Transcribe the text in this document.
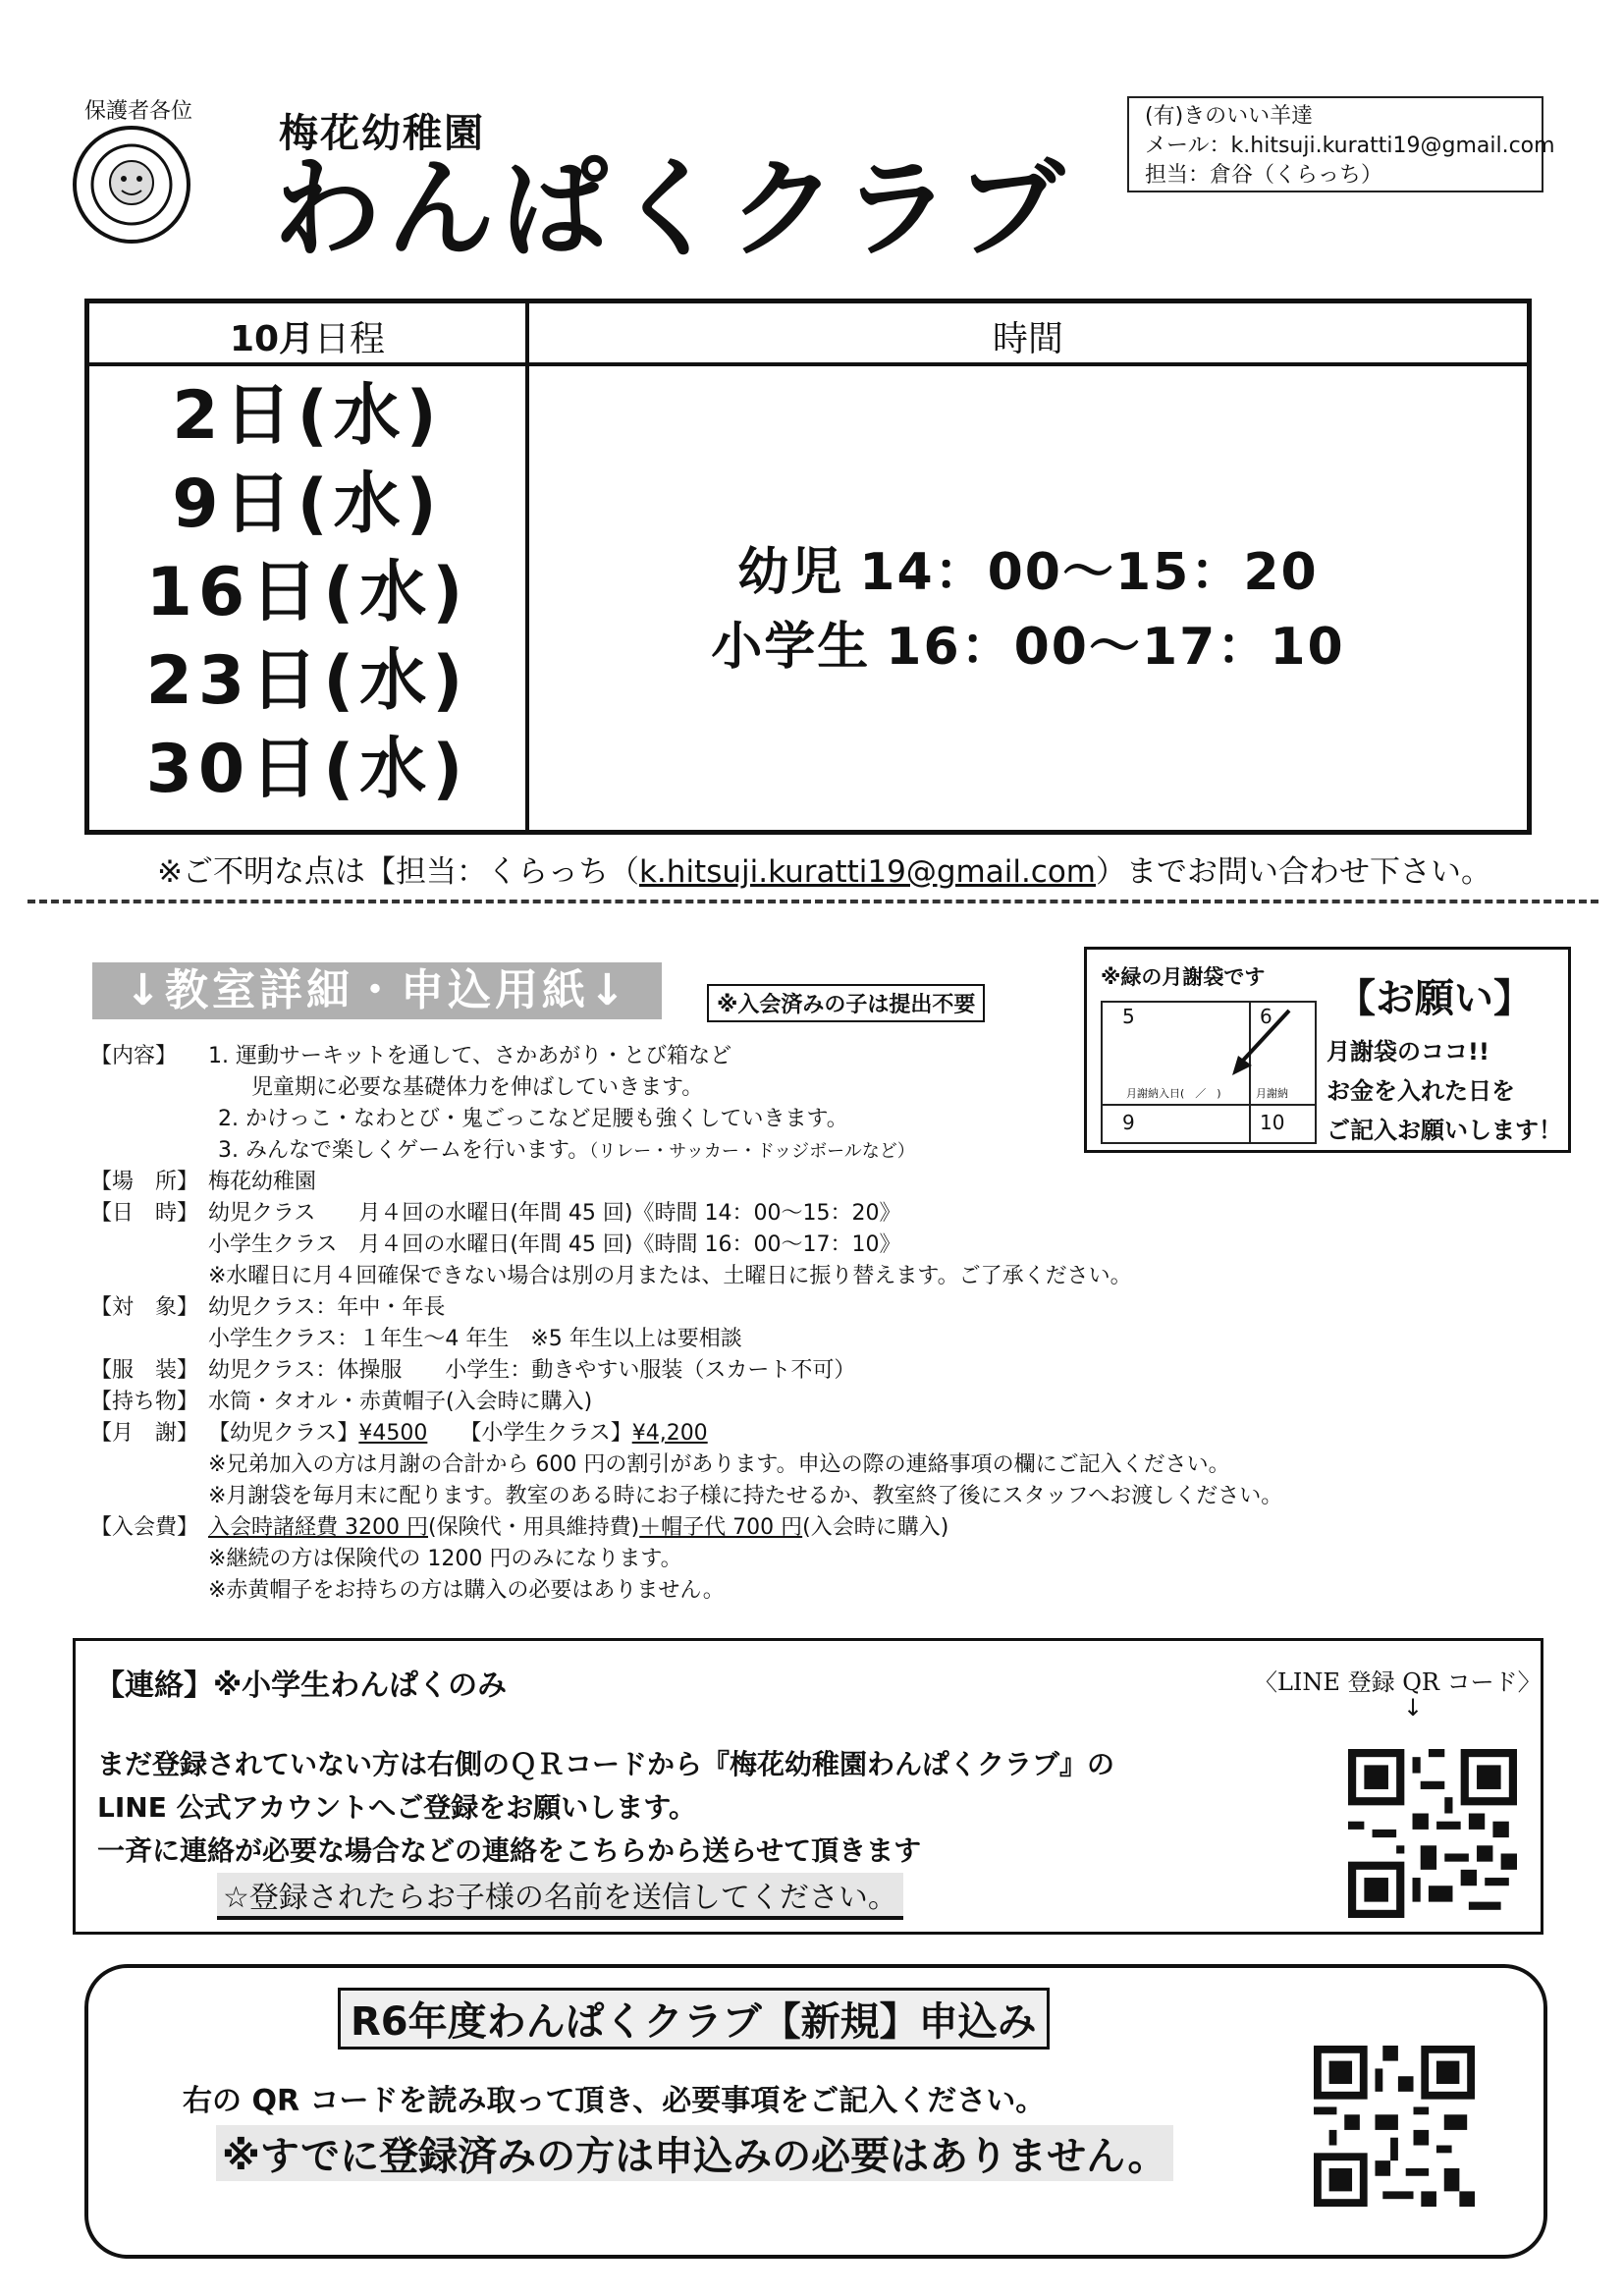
保護者各位 梅花幼稚園
わんぱくクラブ
(有)きのいい羊達
メール：k.hitsuji.kuratti19@gmail.com
担当：倉谷（くらっち）
10月日程	時間
2日(水)
9日(水)
16日(水)
23日(水)
30日(水)
幼児 14：00〜15：20
小学生 16：00〜17：10
※ご不明な点は【担当：くらっち（k.hitsuji.kuratti19@gmail.com）までお問い合わせ下さい。
↓教室詳細・申込用紙↓	※入会済みの子は提出不要
※緑の月謝袋です
5	6
月謝納入日(　／　)	月謝納
9	10
【お願い】
月謝袋のココ!!
お金を入れた日を
ご記入お願いします！
【内容】 1. 運動サーキットを通して、さかあがり・とび箱など
児童期に必要な基礎体力を伸ばしていきます。
2. かけっこ・なわとび・鬼ごっこなど足腰も強くしていきます。
3. みんなで楽しくゲームを行います。（リレー・サッカー・ドッジボールなど）
【場　所】 梅花幼稚園
【日　時】 幼児クラス　　月４回の水曜日(年間 45 回)《時間 14：00〜15：20》
小学生クラス　月４回の水曜日(年間 45 回)《時間 16：00〜17：10》
※水曜日に月４回確保できない場合は別の月または、土曜日に振り替えます。ご了承ください。
【対　象】 幼児クラス：年中・年長
小学生クラス：１年生〜4 年生　※5 年生以上は要相談
【服　装】 幼児クラス：体操服　　小学生：動きやすい服装（スカート不可）
【持ち物】 水筒・タオル・赤黄帽子(入会時に購入)
【月　謝】 【幼児クラス】¥4500　　 【小学生クラス】¥4,200
※兄弟加入の方は月謝の合計から 600 円の割引があります。申込の際の連絡事項の欄にご記入ください。
※月謝袋を毎月末に配ります。教室のある時にお子様に持たせるか、教室終了後にスタッフへお渡しください。
【入会費】 入会時諸経費 3200 円(保険代・用具維持費)＋帽子代 700 円(入会時に購入)
※継続の方は保険代の 1200 円のみになります。
※赤黄帽子をお持ちの方は購入の必要はありません。
【連絡】※小学生わんぱくのみ	〈LINE 登録 QR コード〉
↓
まだ登録されていない方は右側のＱＲコードから『梅花幼稚園わんぱくクラブ』の
LINE 公式アカウントへご登録をお願いします。
一斉に連絡が必要な場合などの連絡をこちらから送らせて頂きます
☆登録されたらお子様の名前を送信してください。
R6年度わんぱくクラブ【新規】申込み
右の QR コードを読み取って頂き、必要事項をご記入ください。
※すでに登録済みの方は申込みの必要はありません。
